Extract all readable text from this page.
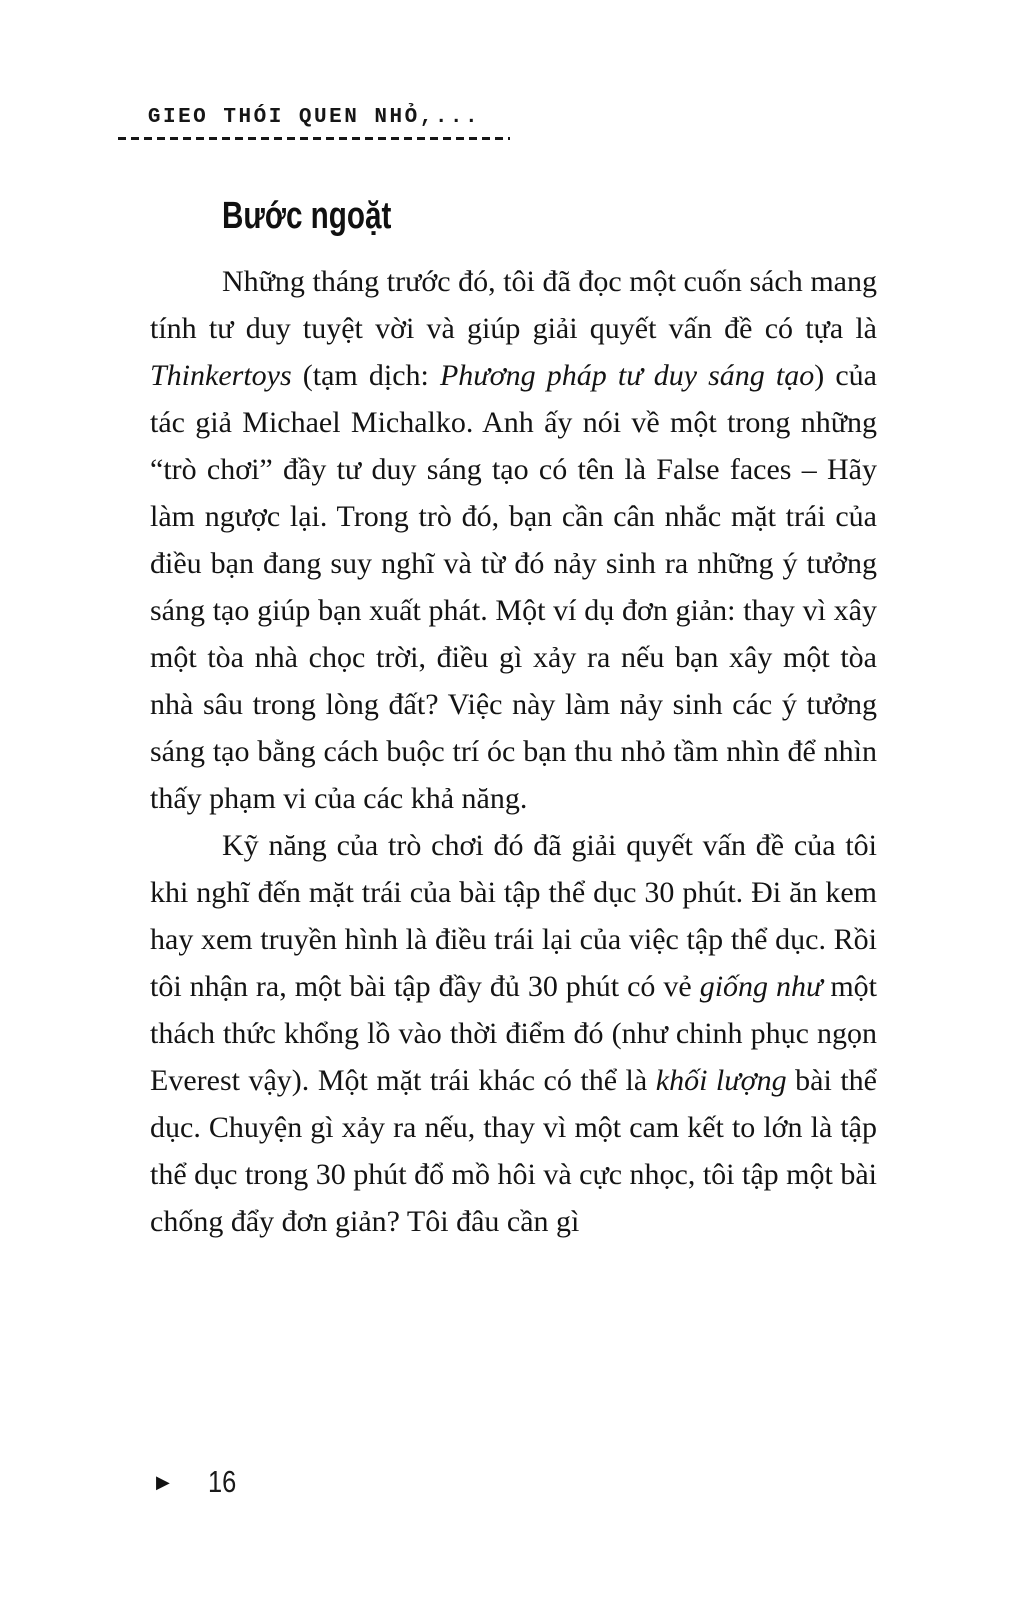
GIEO THÓI QUEN NHỎ,...
Bước ngoặt

Những tháng trước đó, tôi đã đọc một cuốn sách mang tính tư duy tuyệt vời và giúp giải quyết vấn đề có tựa là Thinkertoys (tạm dịch: Phương pháp tư duy sáng tạo) của tác giả Michael Michalko. Anh ấy nói về một trong những “trò chơi” đầy tư duy sáng tạo có tên là False faces – Hãy làm ngược lại. Trong trò đó, bạn cần cân nhắc mặt trái của điều bạn đang suy nghĩ và từ đó nảy sinh ra những ý tưởng sáng tạo giúp bạn xuất phát. Một ví dụ đơn giản: thay vì xây một tòa nhà chọc trời, điều gì xảy ra nếu bạn xây một tòa nhà sâu trong lòng đất? Việc này làm nảy sinh các ý tưởng sáng tạo bằng cách buộc trí óc bạn thu nhỏ tầm nhìn để nhìn thấy phạm vi của các khả năng.

Kỹ năng của trò chơi đó đã giải quyết vấn đề của tôi khi nghĩ đến mặt trái của bài tập thể dục 30 phút. Đi ăn kem hay xem truyền hình là điều trái lại của việc tập thể dục. Rồi tôi nhận ra, một bài tập đầy đủ 30 phút có vẻ giống như một thách thức khổng lồ vào thời điểm đó (như chinh phục ngọn Everest vậy). Một mặt trái khác có thể là khối lượng bài thể dục. Chuyện gì xảy ra nếu, thay vì một cam kết to lớn là tập thể dục trong 30 phút đổ mồ hôi và cực nhọc, tôi tập một bài chống đẩy đơn giản? Tôi đâu cần gì

▶ 16
